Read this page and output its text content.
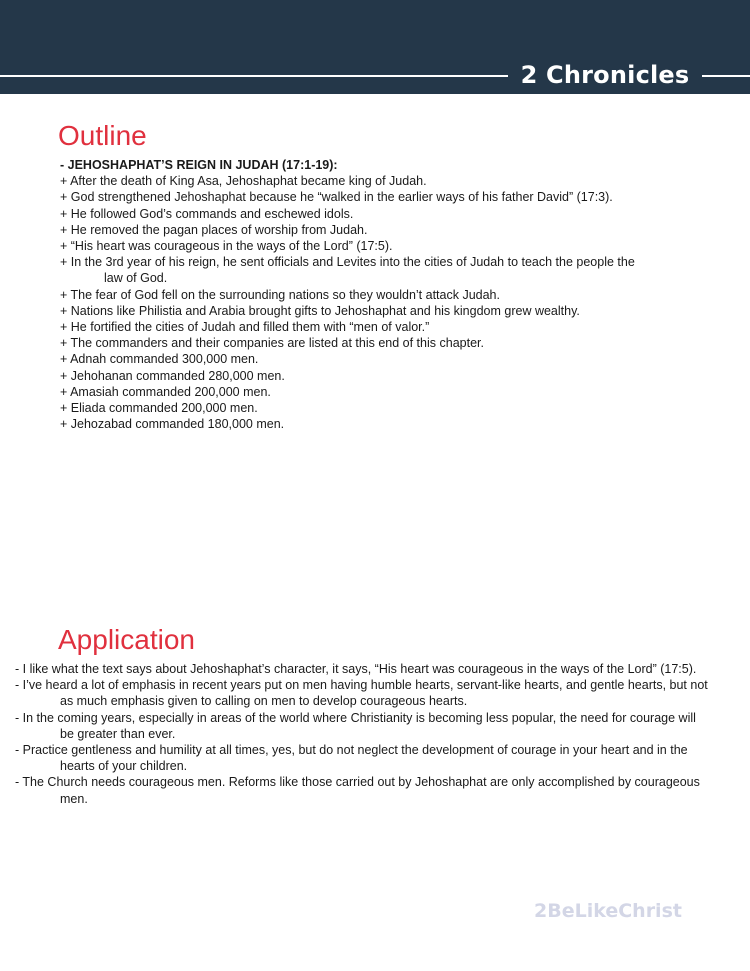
2 Chronicles
Outline
- JEHOSHAPHAT’S REIGN IN JUDAH (17:1-19):
+ After the death of King Asa, Jehoshaphat became king of Judah.
+ God strengthened Jehoshaphat because he “walked in the earlier ways of his father David” (17:3).
+ He followed God’s commands and eschewed idols.
+ He removed the pagan places of worship from Judah.
+ “His heart was courageous in the ways of the Lord” (17:5).
+ In the 3rd year of his reign, he sent officials and Levites into the cities of Judah to teach the people the law of God.
+ The fear of God fell on the surrounding nations so they wouldn’t attack Judah.
+ Nations like Philistia and Arabia brought gifts to Jehoshaphat and his kingdom grew wealthy.
+ He fortified the cities of Judah and filled them with “men of valor.”
+ The commanders and their companies are listed at this end of this chapter.
+ Adnah commanded 300,000 men.
+ Jehohanan commanded 280,000 men.
+ Amasiah commanded 200,000 men.
+ Eliada commanded 200,000 men.
+ Jehozabad commanded 180,000 men.
Application
- I like what the text says about Jehoshaphat’s character, it says, “His heart was courageous in the ways of the Lord” (17:5).
- I’ve heard a lot of emphasis in recent years put on men having humble hearts, servant-like hearts, and gentle hearts, but not as much emphasis given to calling on men to develop courageous hearts.
- In the coming years, especially in areas of the world where Christianity is becoming less popular, the need for courage will be greater than ever.
- Practice gentleness and humility at all times, yes, but do not neglect the development of courage in your heart and in the hearts of your children.
- The Church needs courageous men. Reforms like those carried out by Jehoshaphat are only accomplished by courageous men.
2BeLikeChrist
